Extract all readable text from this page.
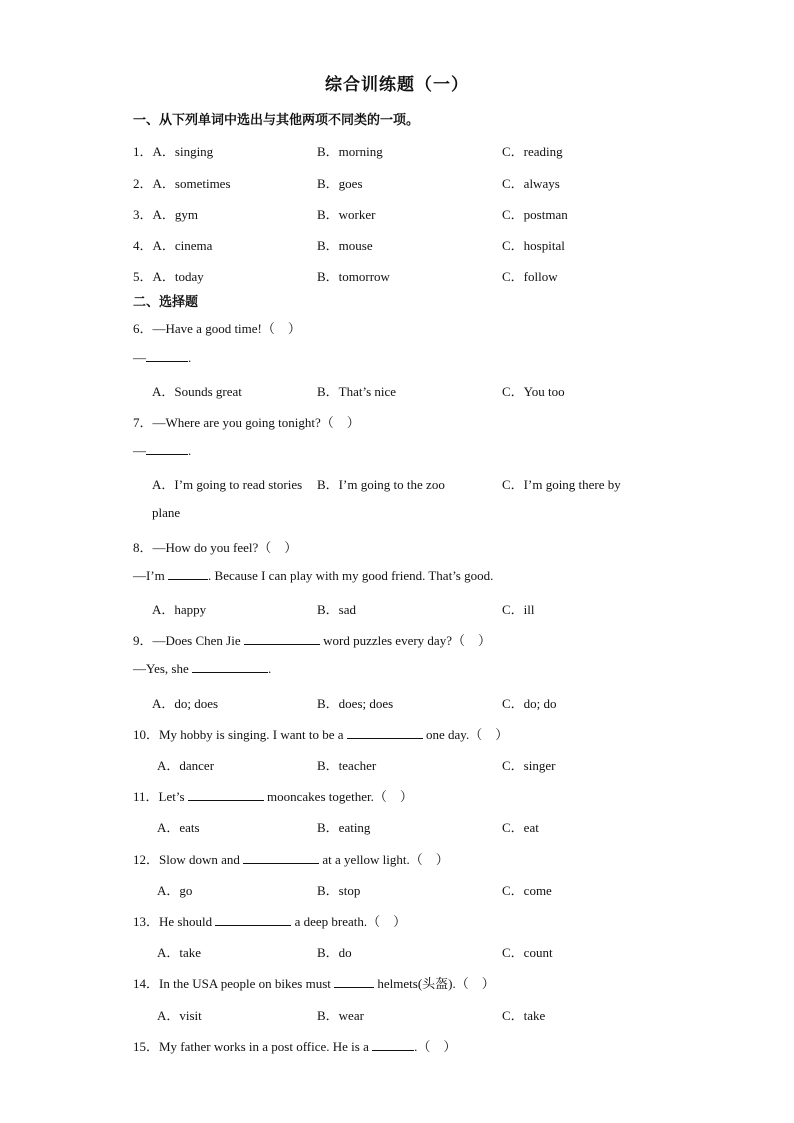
综合训练题（一）
一、从下列单词中选出与其他两项不同类的一项。
1．A．singing	B．morning	C．reading
2．A．sometimes	B．goes	C．always
3．A．gym	B．worker	C．postman
4．A．cinema	B．mouse	C．hospital
5．A．today	B．tomorrow	C．follow
二、选择题
6．—Have a good time!（　）
—	.
A．Sounds great	B．That’s nice	C．You too
7．—Where are you going tonight?（　）
—	.
A．I’m going to read stories B．I’m going to the zoo	C．I’m going there by
plane
8．—How do you feel?（　）
—I’m	. Because I can play with my good friend. That’s good.
A．happy	B．sad	C．ill
9．—Does Chen Jie	word puzzles every day?（　）
—Yes, she	.
A．do; does	B．does; does	C．do; do
10．My hobby is singing. I want to be a	one day.（　）
A．dancer	B．teacher	C．singer
11．Let’s	mooncakes together.（　）
A．eats	B．eating	C．eat
12．Slow down and	at a yellow light.（　）
A．go	B．stop	C．come
13．He should	a deep breath.（　）
A．take	B．do	C．count
14．In the USA people on bikes must	helmets(头盔).（　）
A．visit	B．wear	C．take
15．My father works in a post office. He is a	.（　）
